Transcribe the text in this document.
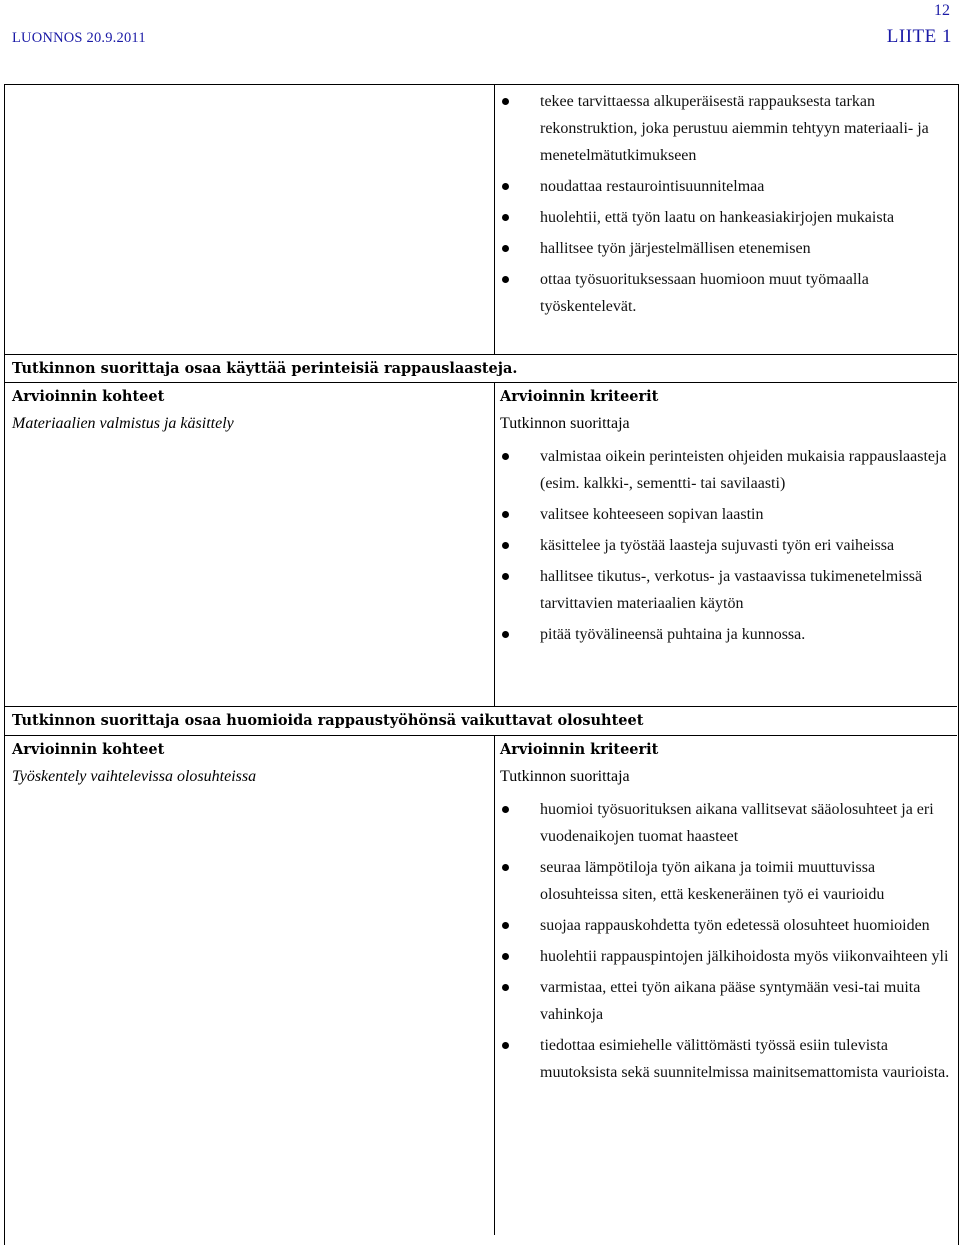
LUONNOS 20.9.2011
12
LIITE 1
tekee tarvittaessa alkuperäisestä rappauksesta tarkan rekonstruktion, joka perustuu aiemmin tehtyyn materiaali- ja menetelmätutkimukseen
noudattaa restaurointisuunnitelmaa
huolehtii, että työn laatu on hankeasiakirjojen mukaista
hallitsee työn järjestelmällisen etenemisen
ottaa työsuorituksessaan huomioon muut työmaalla työskentelevät.
Tutkinnon suorittaja osaa käyttää perinteisiä rappauslaasteja.
Arvioinnin kohteet	Arvioinnin kriteerit
Materiaalien valmistus ja käsittely	Tutkinnon suorittaja
valmistaa oikein perinteisten ohjeiden mukaisia rappauslaasteja (esim. kalkki-, sementti- tai savilaasti)
valitsee kohteeseen sopivan laastin
käsittelee ja työstää laasteja sujuvasti työn eri vaiheissa
hallitsee tikutus-, verkotus- ja vastaavissa tukimenetelmissä tarvittavien materiaalien käytön
pitää työvälineensä puhtaina ja kunnossa.
Tutkinnon suorittaja osaa huomioida rappaustyöhönsä vaikuttavat olosuhteet
Arvioinnin kohteet	Arvioinnin kriteerit
Työskentely vaihtelevissa olosuhteissa	Tutkinnon suorittaja
huomioi työsuorituksen aikana vallitsevat sääolosuhteet ja eri vuodenaikojen tuomat haasteet
seuraa lämpötiloja työn aikana ja toimii muuttuvissa olosuhteissa siten, että keskeneräinen työ ei vaurioidu
suojaa rappauskohdetta työn edetessä olosuhteet huomioiden
huolehtii rappauspintojen jälkihoidosta myös viikonvaihteen yli
varmistaa, ettei työn aikana pääse syntymään vesi-tai muita vahinkoja
tiedottaa esimiehelle välittömästi työssä esiin tulevista muutoksista sekä suunnitelmissa mainitsemattomista vaurioista.
